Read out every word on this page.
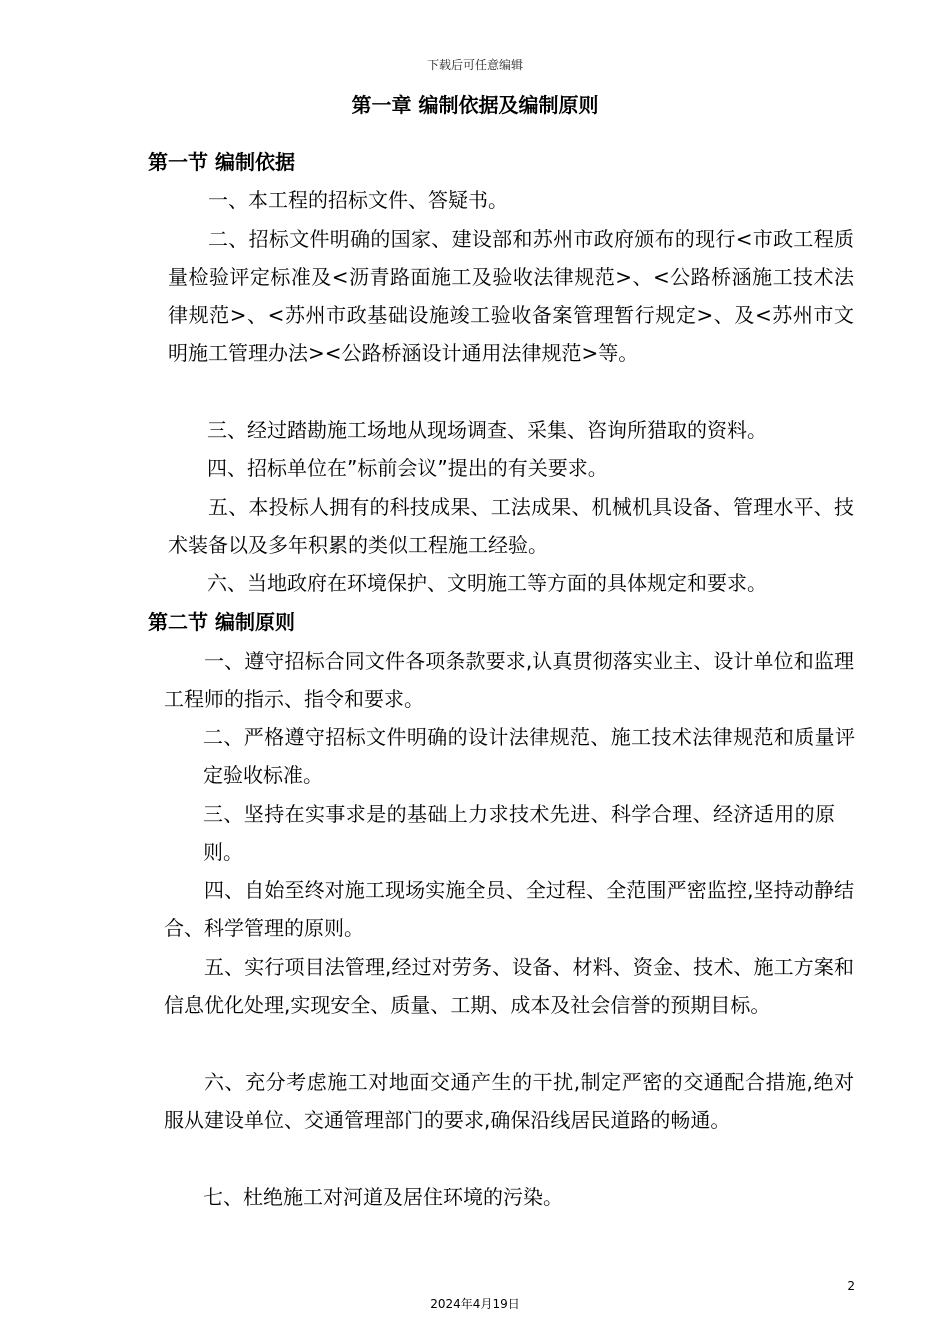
下载后可任意编辑
第一章 编制依据及编制原则
第一节 编制依据

一、本工程的招标文件、答疑书。

二、招标文件明确的国家、建设部和苏州市政府颁布的现行<市政工程质量检验评定标准及<沥青路面施工及验收法律规范>、<公路桥涵施工技术法律规范>、<苏州市政基础设施竣工验收备案管理暂行规定>、及<苏州市文明施工管理办法><公路桥涵设计通用法律规范>等。

三、经过踏勘施工场地从现场调查、采集、咨询所猎取的资料。

四、招标单位在”标前会议”提出的有关要求。

五、本投标人拥有的科技成果、工法成果、机械机具设备、管理水平、技术装备以及多年积累的类似工程施工经验。

六、当地政府在环境保护、文明施工等方面的具体规定和要求。

第二节 编制原则

一、遵守招标合同文件各项条款要求,认真贯彻落实业主、设计单位和监理工程师的指示、指令和要求。

二、严格遵守招标文件明确的设计法律规范、施工技术法律规范和质量评定验收标准。

三、坚持在实事求是的基础上力求技术先进、科学合理、经济适用的原则。

四、自始至终对施工现场实施全员、全过程、全范围严密监控,坚持动静结合、科学管理的原则。

五、实行项目法管理,经过对劳务、设备、材料、资金、技术、施工方案和信息优化处理,实现安全、质量、工期、成本及社会信誉的预期目标。

六、充分考虑施工对地面交通产生的干扰,制定严密的交通配合措施,绝对服从建设单位、交通管理部门的要求,确保沿线居民道路的畅通。

七、杜绝施工对河道及居住环境的污染。

2
2024年4月19日
